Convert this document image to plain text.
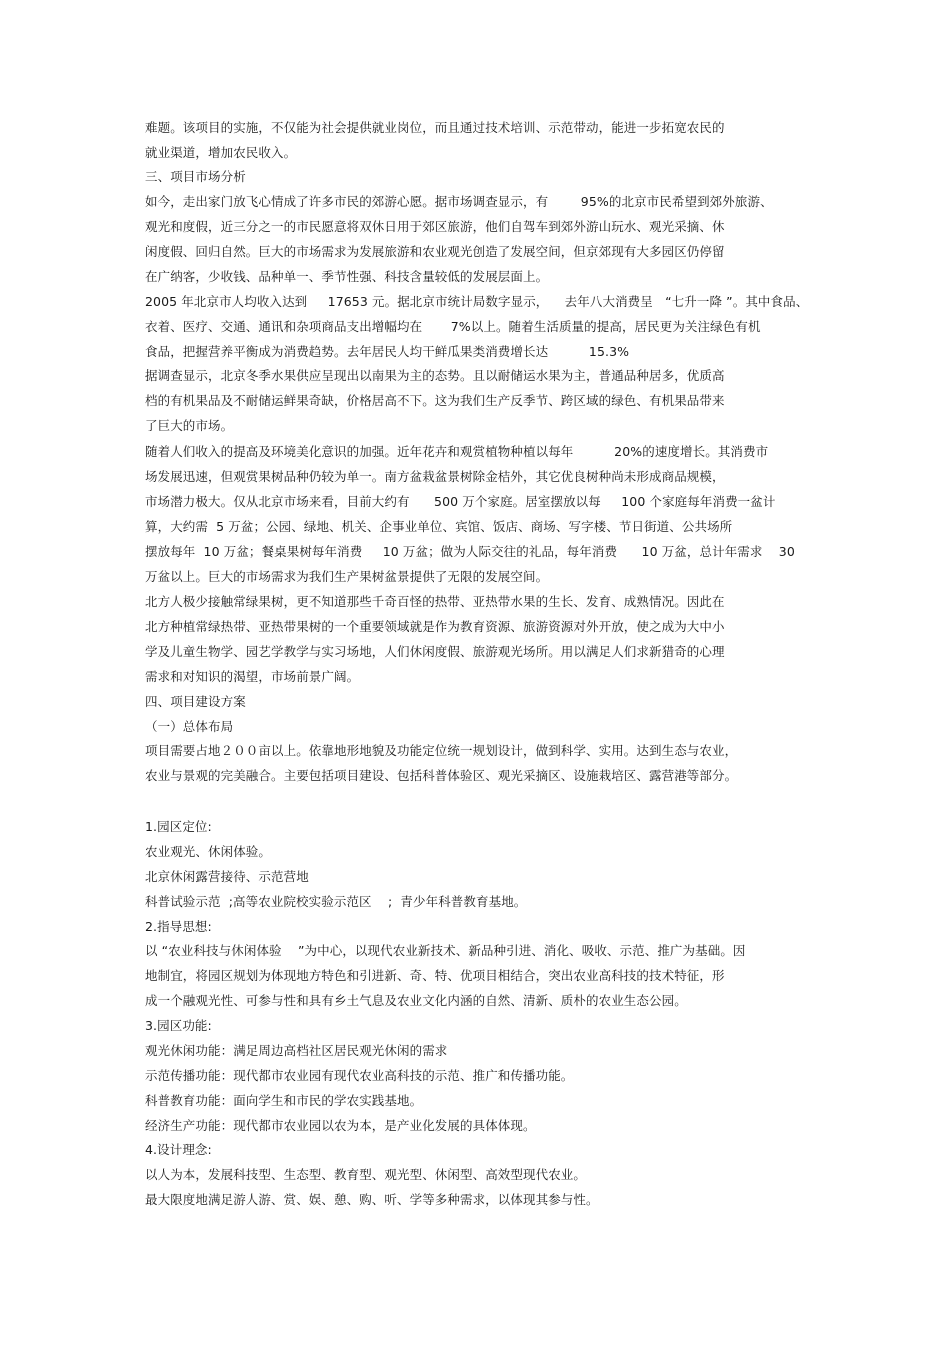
难题。该项目的实施，不仅能为社会提供就业岗位，而且通过技术培训、示范带动，能进一步拓宽农民的
就业渠道，增加农民收入。
三、项目市场分析
如今，走出家门放飞心情成了许多市民的郊游心愿。据市场调查显示，有        95%的北京市民希望到郊外旅游、
观光和度假，近三分之一的市民愿意将双休日用于郊区旅游，他们自驾车到郊外游山玩水、观光采摘、休
闲度假、回归自然。巨大的市场需求为发展旅游和农业观光创造了发展空间，但京郊现有大多园区仍停留
在广纳客，少收钱、品种单一、季节性强、科技含量较低的发展层面上。
2005 年北京市人均收入达到     17653 元。据北京市统计局数字显示，    去年八大消费呈   “七升一降 ”。其中食品、
衣着、医疗、交通、通讯和杂项商品支出增幅均在       7%以上。随着生活质量的提高，居民更为关注绿色有机
食品，把握营养平衡成为消费趋势。去年居民人均干鲜瓜果类消费增长达          15.3%
据调查显示，北京冬季水果供应呈现出以南果为主的态势。且以耐储运水果为主，普通品种居多，优质高
档的有机果品及不耐储运鲜果奇缺，价格居高不下。这为我们生产反季节、跨区域的绿色、有机果品带来
了巨大的市场。
随着人们收入的提高及环境美化意识的加强。近年花卉和观赏植物种植以每年          20%的速度增长。其消费市
场发展迅速，但观赏果树品种仍较为单一。南方盆栽盆景树除金桔外，其它优良树种尚未形成商品规模，
市场潜力极大。仅从北京市场来看，目前大约有      500 万个家庭。居室摆放以每     100 个家庭每年消费一盆计
算，大约需  5 万盆；公园、绿地、机关、企事业单位、宾馆、饭店、商场、写字楼、节日街道、公共场所
摆放每年  10 万盆；餐桌果树每年消费     10 万盆；做为人际交往的礼品，每年消费      10 万盆，总计年需求    30
万盆以上。巨大的市场需求为我们生产果树盆景提供了无限的发展空间。
北方人极少接触常绿果树，更不知道那些千奇百怪的热带、亚热带水果的生长、发育、成熟情况。因此在
北方种植常绿热带、亚热带果树的一个重要领域就是作为教育资源、旅游资源对外开放，使之成为大中小
学及儿童生物学、园艺学教学与实习场地，人们休闲度假、旅游观光场所。用以满足人们求新猎奇的心理
需求和对知识的渴望，市场前景广阔。
四、项目建设方案
（一）总体布局
项目需要占地２００亩以上。依靠地形地貌及功能定位统一规划设计，做到科学、实用。达到生态与农业，
农业与景观的完美融合。主要包括项目建设、包括科普体验区、观光采摘区、设施栽培区、露营港等部分。
1.园区定位:
农业观光、休闲体验。
北京休闲露营接待、示范营地
科普试验示范  ;高等农业院校实验示范区    ;  青少年科普教育基地。
2.指导思想:
以 “农业科技与休闲体验    ”为中心，以现代农业新技术、新品种引进、消化、吸收、示范、推广为基础。因
地制宜，将园区规划为体现地方特色和引进新、奇、特、优项目相结合，突出农业高科技的技术特征，形
成一个融观光性、可参与性和具有乡土气息及农业文化内涵的自然、清新、质朴的农业生态公园。
3.园区功能:
观光休闲功能：满足周边高档社区居民观光休闲的需求
示范传播功能：现代都市农业园有现代农业高科技的示范、推广和传播功能。
科普教育功能：面向学生和市民的学农实践基地。
经济生产功能：现代都市农业园以农为本，是产业化发展的具体体现。
4.设计理念:
以人为本，发展科技型、生态型、教育型、观光型、休闲型、高效型现代农业。
最大限度地满足游人游、赏、娱、憩、购、听、学等多种需求，以体现其参与性。
